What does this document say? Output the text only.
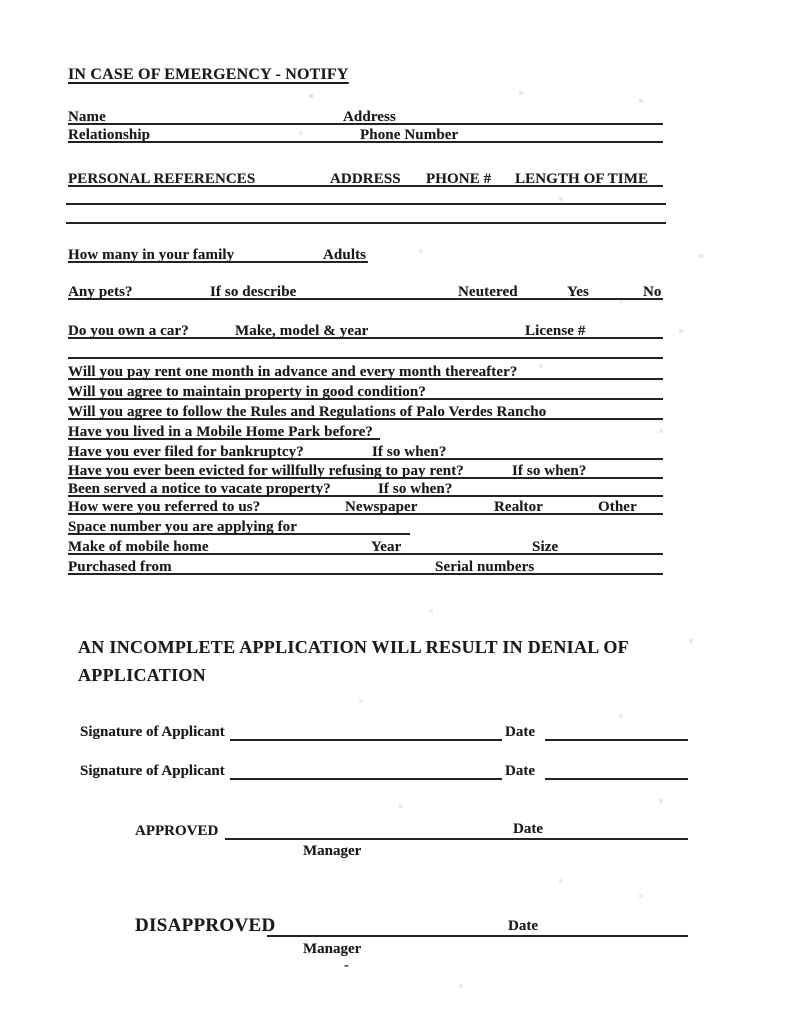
IN CASE OF EMERGENCY - NOTIFY
Name	Address
Relationship	Phone Number
PERSONAL REFERENCES	ADDRESS PHONE # LENGTH OF TIME
How many in your family	Adults
Any pets?	If so describe	Neutered	Yes	No
Do you own a car?	Make, model & year	License #
Will you pay rent one month in advance and every month thereafter?
Will you agree to maintain property in good condition?
Will you agree to follow the Rules and Regulations of Palo Verdes Rancho
Have you lived in a Mobile Home Park before?
Have you ever filed for bankruptcy?	If so when?
Have you ever been evicted for willfully refusing to pay rent?	If so when?
Been served a notice to vacate property?	If so when?
How were you referred to us?	Newspaper	Realtor	Other
Space number you are applying for
Make of mobile home	Year	Size
Purchased from	Serial numbers
AN INCOMPLETE APPLICATION WILL RESULT IN DENIAL OF APPLICATION
Signature of Applicant	Date
Signature of Applicant	Date
APPROVED	Date
Manager
DISAPPROVED	Date
Manager
-
